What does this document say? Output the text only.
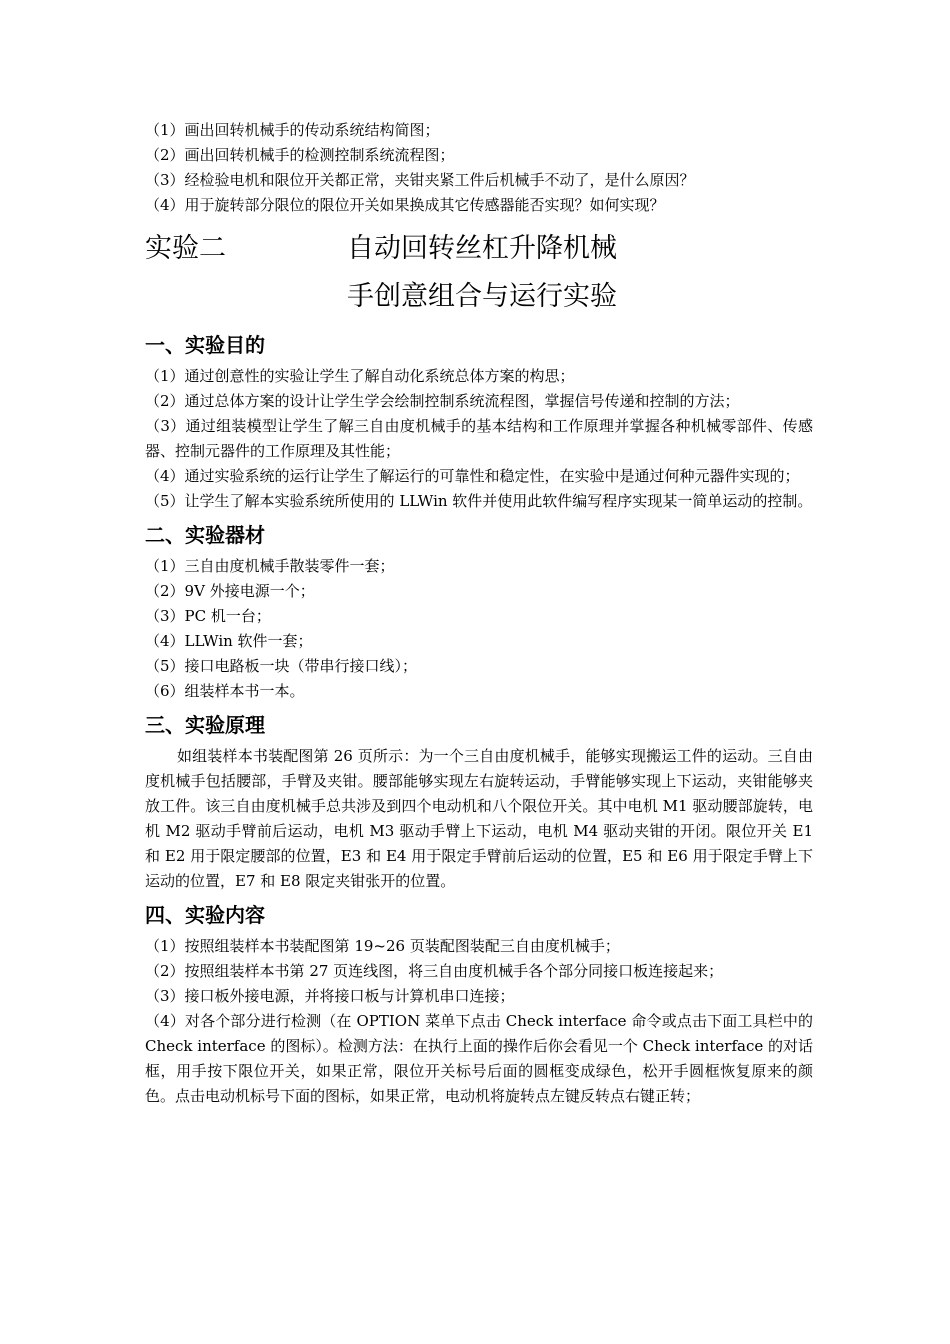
（1）画出回转机械手的传动系统结构简图；
（2）画出回转机械手的检测控制系统流程图；
（3）经检验电机和限位开关都正常，夹钳夹紧工件后机械手不动了，是什么原因？
（4）用于旋转部分限位的限位开关如果换成其它传感器能否实现？如何实现？
实验二	自动回转丝杠升降机械
手创意组合与运行实验
一、实验目的
（1）通过创意性的实验让学生了解自动化系统总体方案的构思；
（2）通过总体方案的设计让学生学会绘制控制系统流程图，掌握信号传递和控制的方法；
（3）通过组装模型让学生了解三自由度机械手的基本结构和工作原理并掌握各种机械零部件、传感器、控制元器件的工作原理及其性能；
（4）通过实验系统的运行让学生了解运行的可靠性和稳定性，在实验中是通过何种元器件实现的；
（5）让学生了解本实验系统所使用的 LLWin 软件并使用此软件编写程序实现某一简单运动的控制。
二、实验器材
（1）三自由度机械手散装零件一套；
（2）9V 外接电源一个；
（3）PC 机一台；
（4）LLWin 软件一套；
（5）接口电路板一块（带串行接口线）；
（6）组装样本书一本。
三、实验原理
如组装样本书装配图第 26 页所示：为一个三自由度机械手，能够实现搬运工件的运动。三自由度机械手包括腰部，手臂及夹钳。腰部能够实现左右旋转运动，手臂能够实现上下运动，夹钳能够夹放工件。该三自由度机械手总共涉及到四个电动机和八个限位开关。其中电机 M1 驱动腰部旋转，电机 M2 驱动手臂前后运动，电机 M3 驱动手臂上下运动，电机 M4 驱动夹钳的开闭。限位开关 E1 和 E2 用于限定腰部的位置，E3 和 E4 用于限定手臂前后运动的位置，E5 和 E6 用于限定手臂上下运动的位置，E7 和 E8 限定夹钳张开的位置。
四、实验内容
（1）按照组装样本书装配图第 19~26 页装配图装配三自由度机械手；
（2）按照组装样本书第 27 页连线图，将三自由度机械手各个部分同接口板连接起来；
（3）接口板外接电源，并将接口板与计算机串口连接；
（4）对各个部分进行检测（在 OPTION 菜单下点击 Check interface 命令或点击下面工具栏中的 Check interface 的图标）。检测方法：在执行上面的操作后你会看见一个 Check interface 的对话框，用手按下限位开关，如果正常，限位开关标号后面的圆框变成绿色，松开手圆框恢复原来的颜色。点击电动机标号下面的图标，如果正常，电动机将旋转点左键反转点右键正转；
